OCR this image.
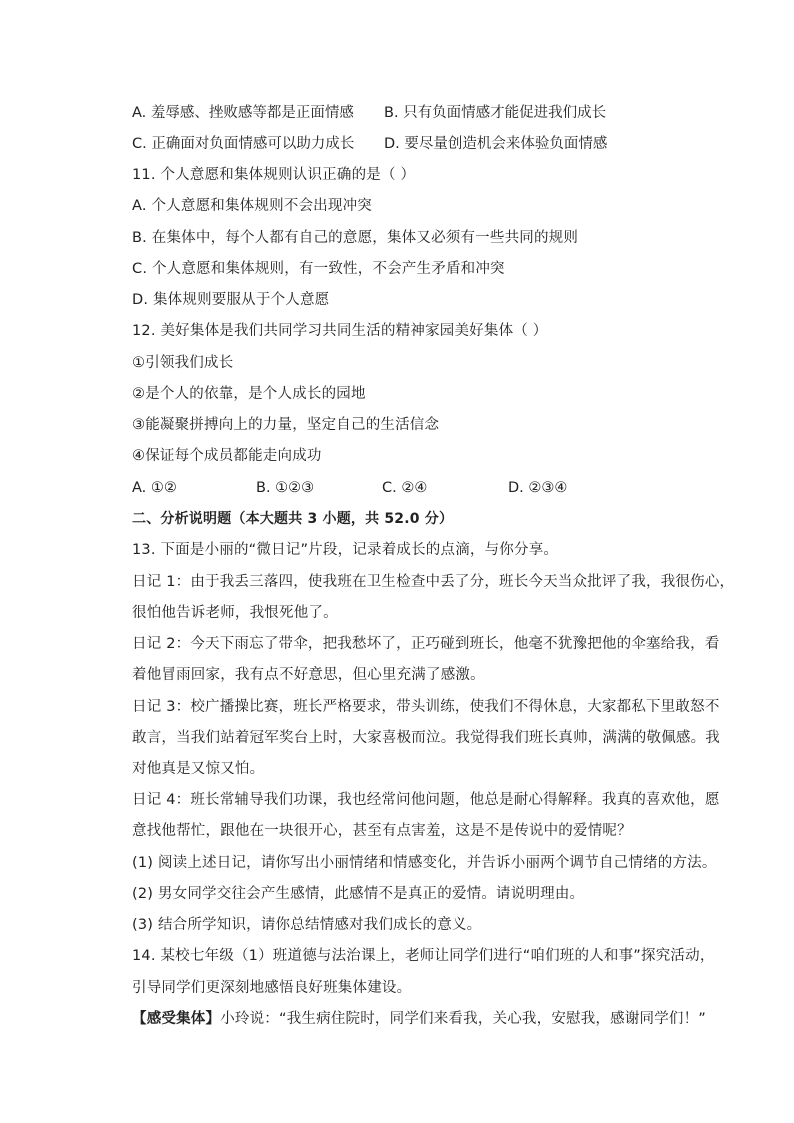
A. 羞辱感、挫败感等都是正面情感 B. 只有负面情感才能促进我们成长
C. 正确面对负面情感可以助力成长 D. 要尽量创造机会来体验负面情感
11. 个人意愿和集体规则认识正确的是（ ）
A. 个人意愿和集体规则不会出现冲突
B. 在集体中，每个人都有自己的意愿，集体又必须有一些共同的规则
C. 个人意愿和集体规则，有一致性，不会产生矛盾和冲突
D. 集体规则要服从于个人意愿
12. 美好集体是我们共同学习共同生活的精神家园美好集体（ ）
①引领我们成长
②是个人的依靠，是个人成长的园地
③能凝聚拼搏向上的力量，坚定自己的生活信念
④保证每个成员都能走向成功
A. ①②	B. ①②③	C. ②④	D. ②③④
二、分析说明题（本大题共 3 小题，共 52.0 分）
13. 下面是小丽的“微日记”片段，记录着成长的点滴，与你分享。
日记 1：由于我丢三落四，使我班在卫生检查中丢了分，班长今天当众批评了我，我很伤心，
很怕他告诉老师，我恨死他了。
日记 2：今天下雨忘了带伞，把我愁坏了，正巧碰到班长，他毫不犹豫把他的伞塞给我，看
着他冒雨回家，我有点不好意思，但心里充满了感激。
日记 3：校广播操比赛，班长严格要求，带头训练，使我们不得休息，大家都私下里敢怒不
敢言，当我们站着冠军奖台上时，大家喜极而泣。我觉得我们班长真帅，满满的敬佩感。我
对他真是又惊又怕。
日记 4：班长常辅导我们功课，我也经常问他问题，他总是耐心得解释。我真的喜欢他，愿
意找他帮忙，跟他在一块很开心，甚至有点害羞，这是不是传说中的爱情呢？
(1) 阅读上述日记，请你写出小丽情绪和情感变化，并告诉小丽两个调节自己情绪的方法。
(2) 男女同学交往会产生感情，此感情不是真正的爱情。请说明理由。
(3) 结合所学知识，请你总结情感对我们成长的意义。
14. 某校七年级（1）班道德与法治课上，老师让同学们进行“咱们班的人和事”探究活动，
引导同学们更深刻地感悟良好班集体建设。
【感受集体】小玲说：“我生病住院时，同学们来看我，关心我，安慰我，感谢同学们！”
